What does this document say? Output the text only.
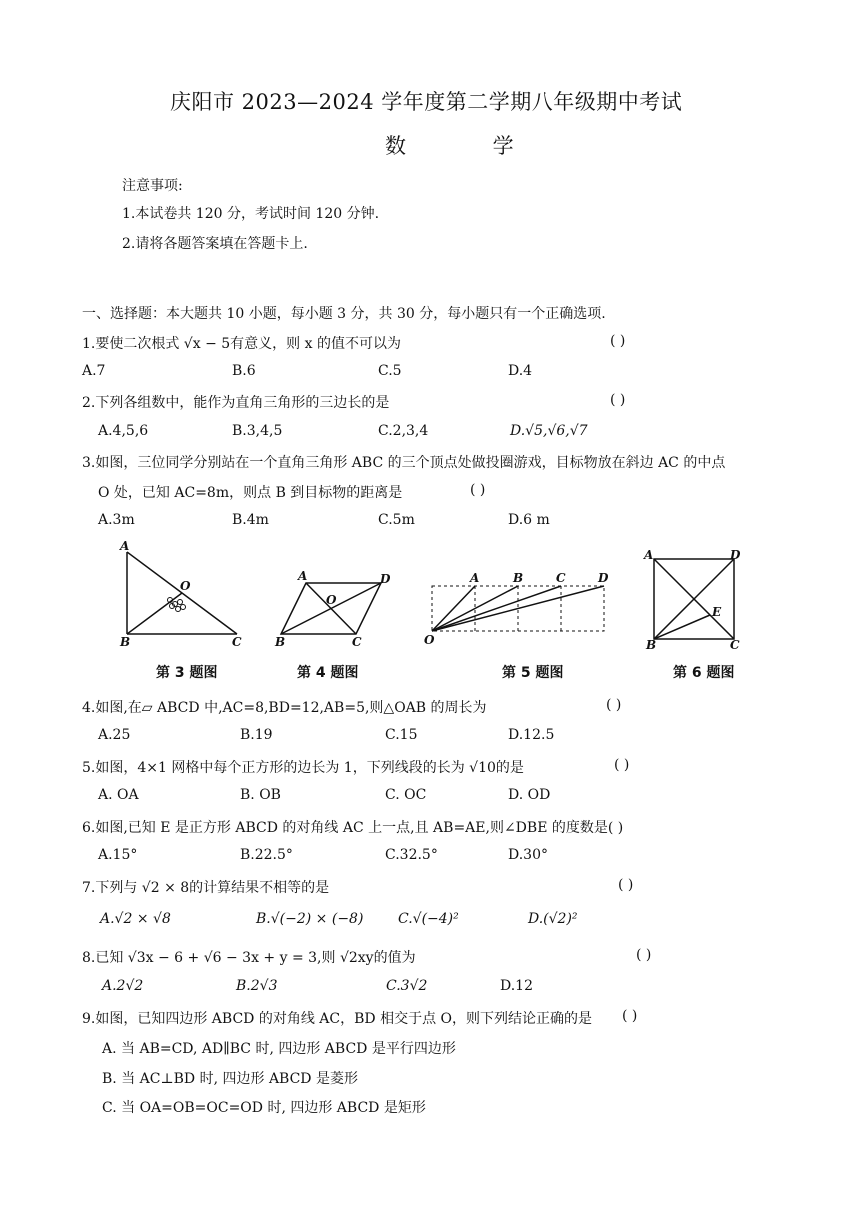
庆阳市 2023—2024 学年度第二学期八年级期中考试
数 学
注意事项:
1.本试卷共 120 分，考试时间 120 分钟.
2.请将各题答案填在答题卡上.
一、选择题：本大题共 10 小题，每小题 3 分，共 30 分，每小题只有一个正确选项.
1.要使二次根式 √x − 5有意义，则 x 的值不可以为	( )
A.7	B.6	C.5	D.4
2.下列各组数中，能作为直角三角形的三边长的是	( )
A.4,5,6	B.3,4,5	C.2,3,4	D.√5,√6,√7
3.如图，三位同学分别站在一个直角三角形 ABC 的三个顶点处做投圈游戏，目标物放在斜边 AC 的中点
O 处，已知 AC=8m，则点 B 到目标物的距离是	( )
A.3m	B.4m	C.5m	D.6 m
A
O
B	C
第 3 题图
A	D
O
B	C
第 4 题图
A	B	C	D
O
第 5 题图
A	D
E
B	C
第 6 题图
4.如图,在▱ ABCD 中,AC=8,BD=12,AB=5,则△OAB 的周长为	( )
A.25	B.19	C.15	D.12.5
5.如图，4×1 网格中每个正方形的边长为 1，下列线段的长为 √10的是	( )
A. OA	B. OB	C. OC	D. OD
6.如图,已知 E 是正方形 ABCD 的对角线 AC 上一点,且 AB=AE,则∠DBE 的度数是( )
A.15°	B.22.5°	C.32.5°	D.30°
7.下列与 √2 × 8的计算结果不相等的是	( )
A.√2 × √8	B.√(−2) × (−8) C.√(−4)²	D.(√2)²
8.已知 √3x − 6 + √6 − 3x + y = 3,则 √2xy的值为	( )
A.2√2	B.2√3	C.3√2	D.12
9.如图，已知四边形 ABCD 的对角线 AC，BD 相交于点 O，则下列结论正确的是 ( )
A. 当 AB=CD, AD∥BC 时, 四边形 ABCD 是平行四边形
B. 当 AC⊥BD 时, 四边形 ABCD 是菱形
C. 当 OA=OB=OC=OD 时, 四边形 ABCD 是矩形
